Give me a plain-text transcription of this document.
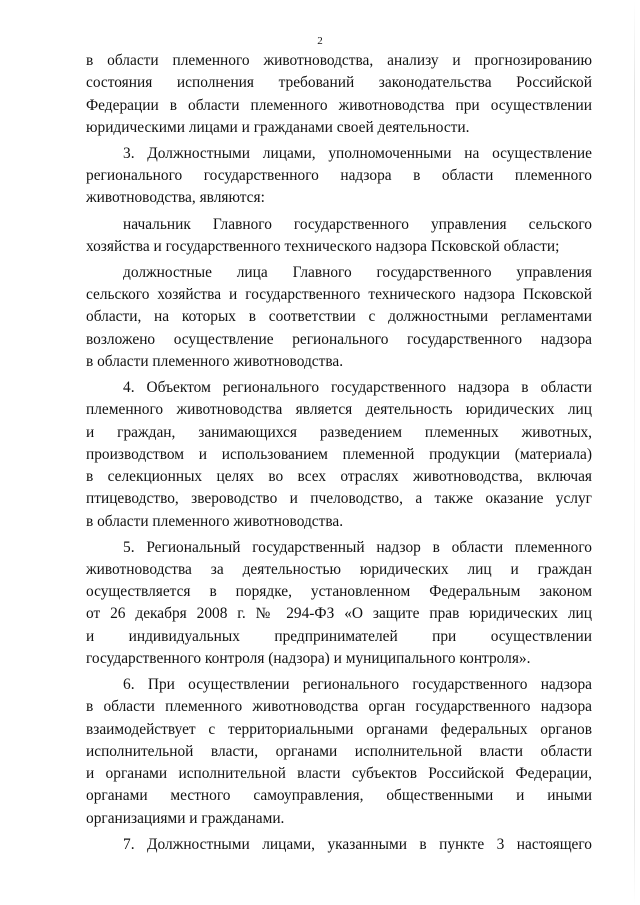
2
в области племенного животноводства, анализу и прогнозированию
состояния исполнения требований законодательства Российской
Федерации в области племенного животноводства при осуществлении
юридическими лицами и гражданами своей деятельности.
3. Должностными лицами, уполномоченными на осуществление
регионального государственного надзора в области племенного
животноводства, являются:
начальник Главного государственного управления сельского
хозяйства и государственного технического надзора Псковской области;
должностные лица Главного государственного управления
сельского хозяйства и государственного технического надзора Псковской
области, на которых в соответствии с должностными регламентами
возложено осуществление регионального государственного надзора
в области племенного животноводства.
4. Объектом регионального государственного надзора в области
племенного животноводства является деятельность юридических лиц
и граждан, занимающихся разведением племенных животных,
производством и использованием племенной продукции (материала)
в селекционных целях во всех отраслях животноводства, включая
птицеводство, звероводство и пчеловодство, а также оказание услуг
в области племенного животноводства.
5. Региональный государственный надзор в области племенного
животноводства за деятельностью юридических лиц и граждан
осуществляется в порядке, установленном Федеральным законом
от 26 декабря 2008 г. № 294-ФЗ «О защите прав юридических лиц
и индивидуальных предпринимателей при осуществлении
государственного контроля (надзора) и муниципального контроля».
6. При осуществлении регионального государственного надзора
в области племенного животноводства орган государственного надзора
взаимодействует с территориальными органами федеральных органов
исполнительной власти, органами исполнительной власти области
и органами исполнительной власти субъектов Российской Федерации,
органами местного самоуправления, общественными и иными
организациями и гражданами.
7. Должностными лицами, указанными в пункте 3 настоящего
